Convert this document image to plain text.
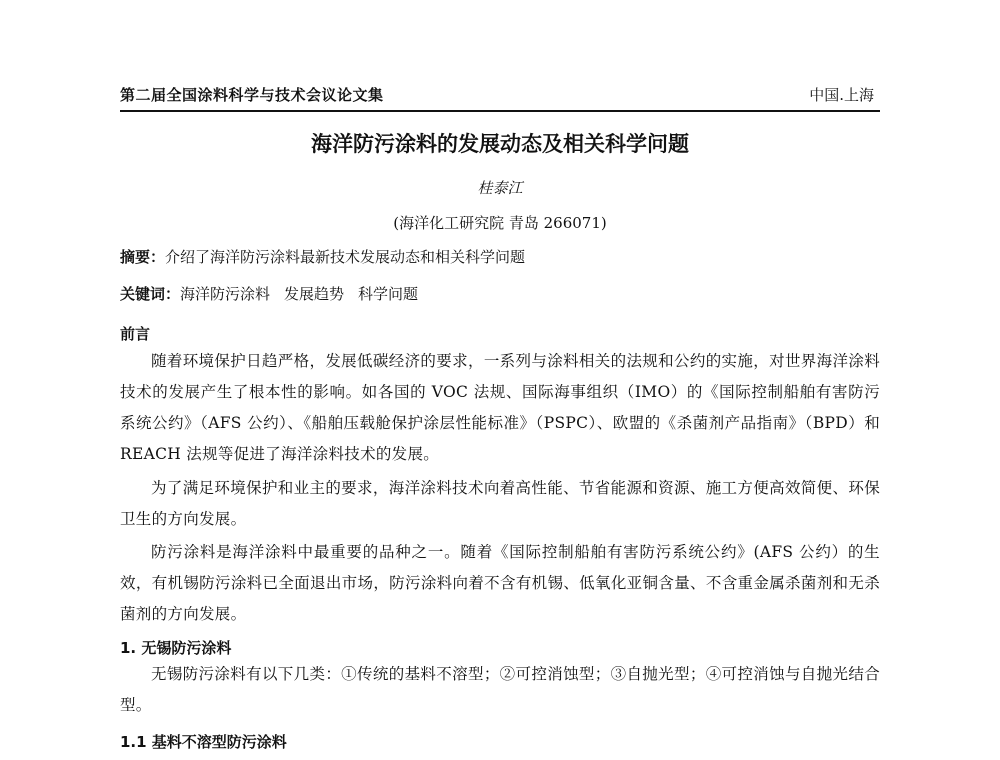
第二届全国涂料科学与技术会议论文集	中国.上海
海洋防污涂料的发展动态及相关科学问题
桂泰江
(海洋化工研究院 青岛 266071)
摘要：介绍了海洋防污涂料最新技术发展动态和相关科学问题
关键词：海洋防污涂料 发展趋势 科学问题
前言

随着环境保护日趋严格，发展低碳经济的要求，一系列与涂料相关的法规和公约的实施，对世界海洋涂料技术的发展产生了根本性的影响。如各国的 VOC 法规、国际海事组织（IMO）的《国际控制船舶有害防污系统公约》（AFS 公约）、《船舶压载舱保护涂层性能标准》（PSPC）、欧盟的《杀菌剂产品指南》（BPD）和 REACH 法规等促进了海洋涂料技术的发展。

为了满足环境保护和业主的要求，海洋涂料技术向着高性能、节省能源和资源、施工方便高效简便、环保卫生的方向发展。

防污涂料是海洋涂料中最重要的品种之一。随着《国际控制船舶有害防污系统公约》(AFS 公约）的生效，有机锡防污涂料已全面退出市场，防污涂料向着不含有机锡、低氧化亚铜含量、不含重金属杀菌剂和无杀菌剂的方向发展。

1. 无锡防污涂料

无锡防污涂料有以下几类：①传统的基料不溶型；②可控消蚀型；③自抛光型；④可控消蚀与自抛光结合型。

1.1 基料不溶型防污涂料
